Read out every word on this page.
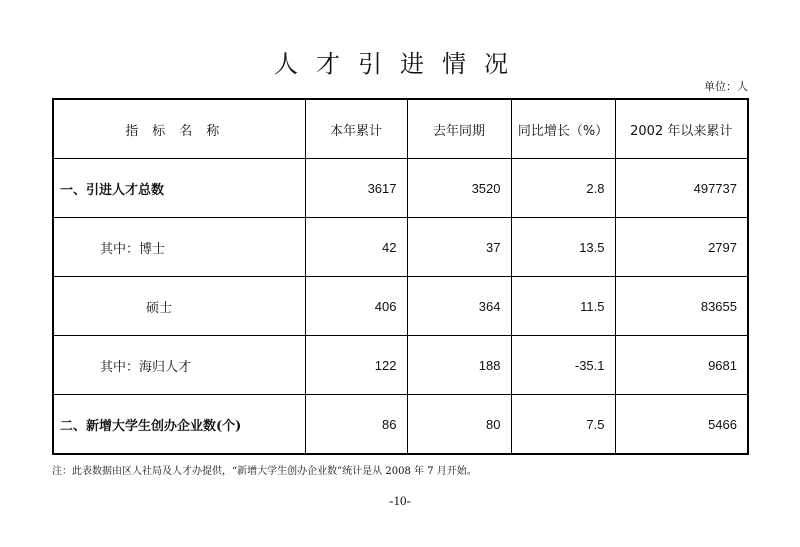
人才引进情况
单位：人
指标名称	本年累计	去年同期	同比增长（%）	2002 年以来累计
一、引进人才总数	3617	3520	2.8	497737
其中：博士	42	37	13.5	2797
硕士	406	364	11.5	83655
其中：海归人才	122	188	-35.1	9681
二、新增大学生创办企业数(个)	86	80	7.5	5466
注：此表数据由区人社局及人才办提供，“新增大学生创办企业数”统计是从 2008 年 7 月开始。
-10-
